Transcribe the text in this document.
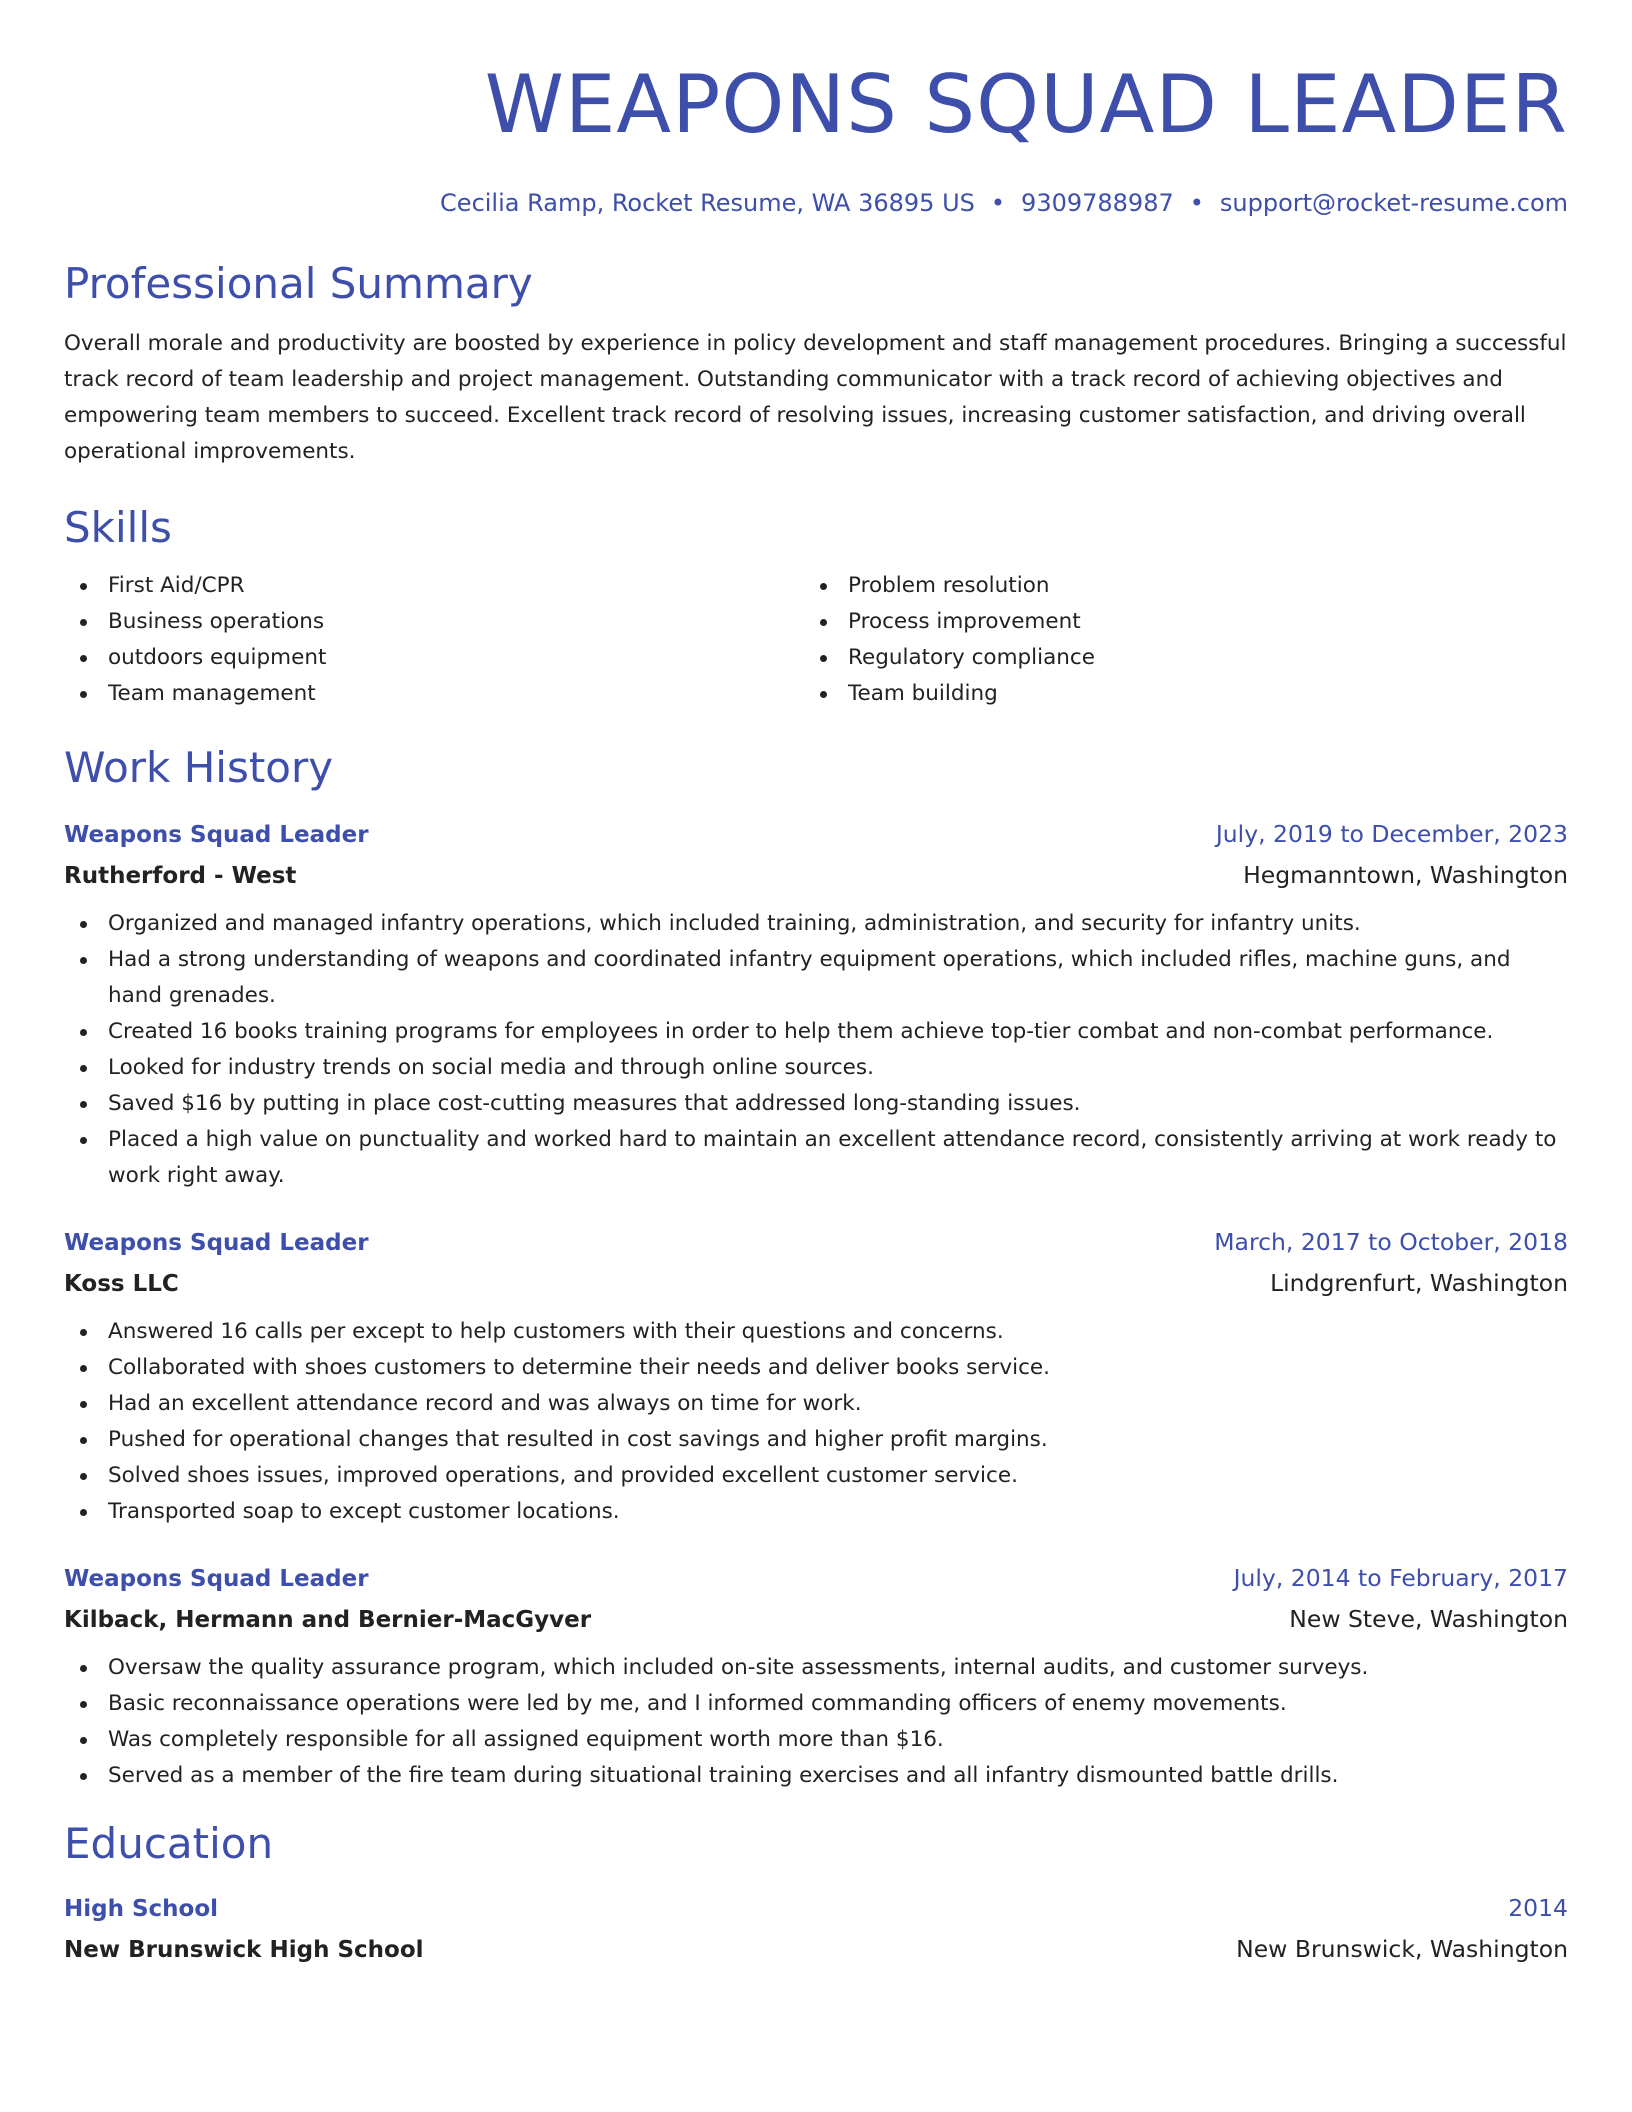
WEAPONS SQUAD LEADER
Cecilia Ramp, Rocket Resume, WA 36895 US • 9309788987 • support@rocket-resume.com
Professional Summary
Overall morale and productivity are boosted by experience in policy development and staff management procedures. Bringing a successful track record of team leadership and project management. Outstanding communicator with a track record of achieving objectives and empowering team members to succeed. Excellent track record of resolving issues, increasing customer satisfaction, and driving overall operational improvements.
Skills
First Aid/CPR
Business operations
outdoors equipment
Team management
Problem resolution
Process improvement
Regulatory compliance
Team building
Work History
Weapons Squad Leader	July, 2019 to December, 2023
Rutherford - West	Hegmanntown, Washington
Organized and managed infantry operations, which included training, administration, and security for infantry units.
Had a strong understanding of weapons and coordinated infantry equipment operations, which included rifles, machine guns, and hand grenades.
Created 16 books training programs for employees in order to help them achieve top-tier combat and non-combat performance.
Looked for industry trends on social media and through online sources.
Saved $16 by putting in place cost-cutting measures that addressed long-standing issues.
Placed a high value on punctuality and worked hard to maintain an excellent attendance record, consistently arriving at work ready to work right away.
Weapons Squad Leader	March, 2017 to October, 2018
Koss LLC	Lindgrenfurt, Washington
Answered 16 calls per except to help customers with their questions and concerns.
Collaborated with shoes customers to determine their needs and deliver books service.
Had an excellent attendance record and was always on time for work.
Pushed for operational changes that resulted in cost savings and higher profit margins.
Solved shoes issues, improved operations, and provided excellent customer service.
Transported soap to except customer locations.
Weapons Squad Leader	July, 2014 to February, 2017
Kilback, Hermann and Bernier-MacGyver	New Steve, Washington
Oversaw the quality assurance program, which included on-site assessments, internal audits, and customer surveys.
Basic reconnaissance operations were led by me, and I informed commanding officers of enemy movements.
Was completely responsible for all assigned equipment worth more than $16.
Served as a member of the fire team during situational training exercises and all infantry dismounted battle drills.
Education
High School	2014
New Brunswick High School	New Brunswick, Washington
